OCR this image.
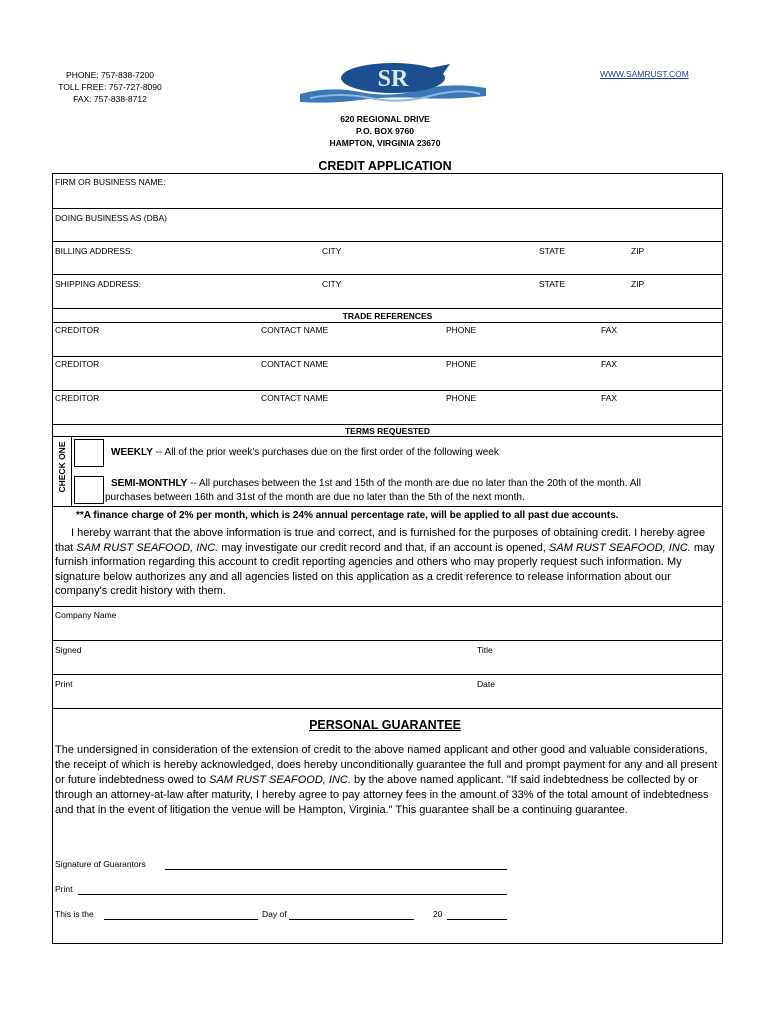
PHONE: 757-838-7200
TOLL FREE: 757-727-8090
FAX: 757-838-8712
SR	WWW.SAMRUST.COM
620 REGIONAL DRIVE
P.O. BOX 9760
HAMPTON, VIRGINIA 23670
CREDIT APPLICATION
FIRM OR BUSINESS NAME:
DOING BUSINESS AS (DBA)
BILLING ADDRESS:	CITY	STATE	ZIP
SHIPPING ADDRESS:	CITY	STATE	ZIP
TRADE REFERENCES
CREDITOR	CONTACT NAME	PHONE	FAX
CREDITOR	CONTACT NAME	PHONE	FAX
CREDITOR	CONTACT NAME	PHONE	FAX
TERMS REQUESTED
CHECK ONE	WEEKLY -- All of the prior week's purchases due on the first order of the following week
SEMI-MONTHLY -- All purchases between the 1st and 15th of the month are due no later than the 20th of the month. All
purchases between 16th and 31st of the month are due no later than the 5th of the next month.
**A finance charge of 2% per month, which is 24% annual percentage rate, will be applied to all past due accounts.
I hereby warrant that the above information is true and correct, and is furnished for the purposes of obtaining credit. I hereby agree that SAM RUST SEAFOOD, INC. may investigate our credit record and that, if an account is opened, SAM RUST SEAFOOD, INC. may furnish information regarding this account to credit reporting agencies and others who may properly request such information. My signature below authorizes any and all agencies listed on this application as a credit reference to release information about our company's credit history with them.
Company Name
Signed	Title
Print	Date
PERSONAL GUARANTEE
The undersigned in consideration of the extension of credit to the above named applicant and other good and valuable considerations, the receipt of which is hereby acknowledged, does hereby unconditionally guarantee the full and prompt payment for any and all present or future indebtedness owed to SAM RUST SEAFOOD, INC. by the above named applicant. "If said indebtedness be collected by or through an attorney-at-law after maturity, I hereby agree to pay attorney fees in the amount of 33% of the total amount of indebtedness and that in the event of litigation the venue will be Hampton, Virginia." This guarantee shall be a continuing guarantee.
Signature of Guarantors
Print
This is the	Day of	20
